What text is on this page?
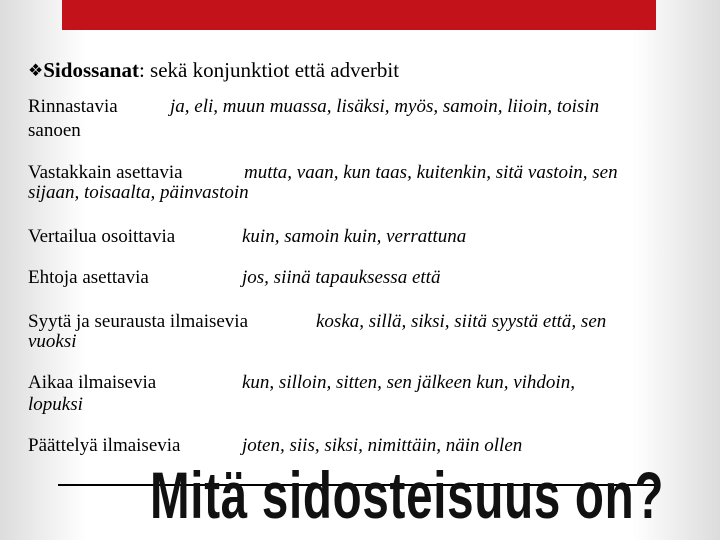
❖Sidossanat: sekä konjunktiot että adverbit
Rinnastavia	ja, eli, muun muassa, lisäksi, myös, samoin, liioin, toisin
sanoen
Vastakkain asettavia	mutta, vaan, kun taas, kuitenkin, sitä vastoin, sen
sijaan, toisaalta, päinvastoin
Vertailua osoittavia	kuin, samoin kuin, verrattuna
Ehtoja asettavia	jos, siinä tapauksessa että
Syytä ja seurausta ilmaisevia	koska, sillä, siksi, siitä syystä että, sen
vuoksi
Aikaa ilmaisevia	kun, silloin, sitten, sen jälkeen kun, vihdoin,
lopuksi
Päättelyä ilmaisevia	joten, siis, siksi, nimittäin, näin ollen
Mitä sidosteisuus on?
